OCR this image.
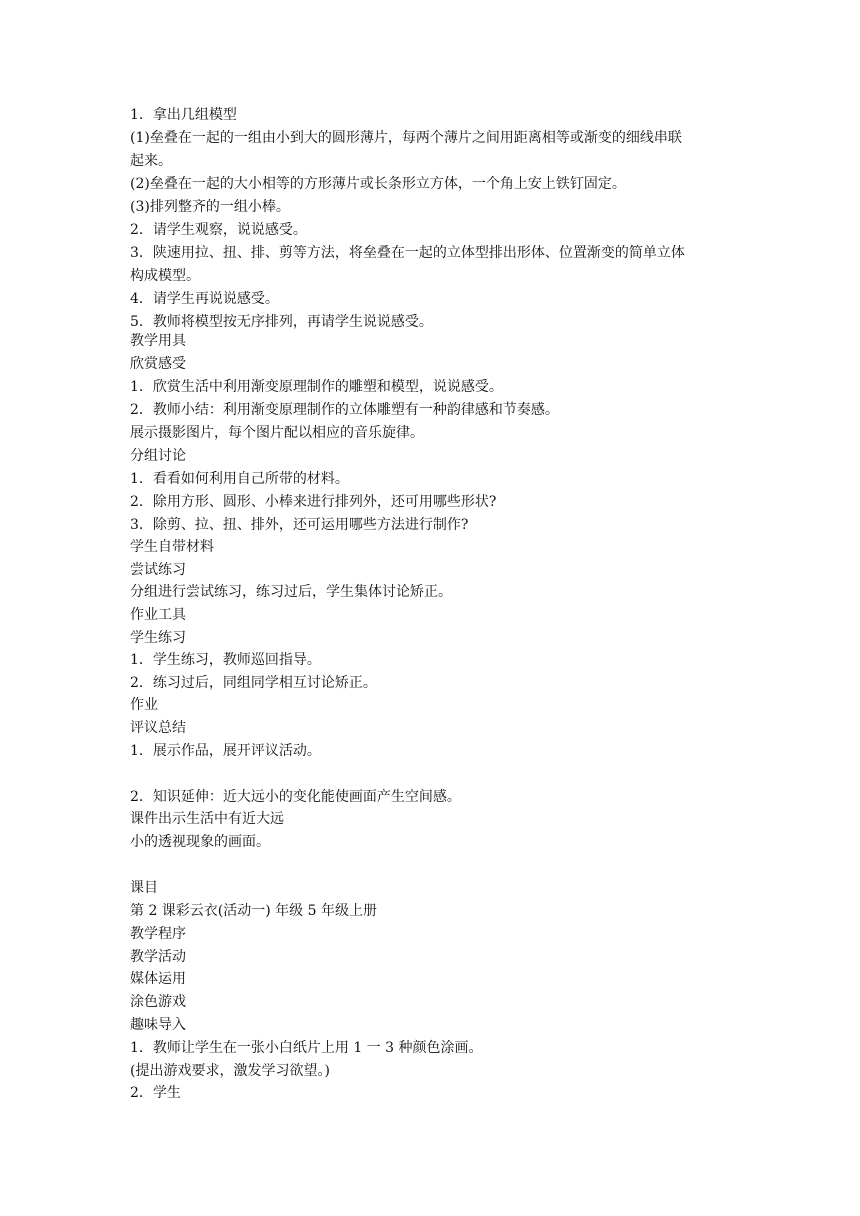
1．拿出几组模型
(1)垒叠在一起的一组由小到大的圆形薄片，每两个薄片之间用距离相等或渐变的细线串联
起来。
(2)垒叠在一起的大小相等的方形薄片或长条形立方体，一个角上安上铁钉固定。
(3)排列整齐的一组小棒。
2．请学生观察，说说感受。
3．陕速用拉、扭、排、剪等方法，将垒叠在一起的立体型排出形体、位置渐变的简单立体
构成模型。
4．请学生再说说感受。
5．教师将模型按无序排列，再请学生说说感受。
教学用具
欣赏感受
1．欣赏生活中利用渐变原理制作的雕塑和模型，说说感受。
2．教师小结：利用渐变原理制作的立体雕塑有一种韵律感和节奏感。
展示摄影图片，每个图片配以相应的音乐旋律。
分组讨论
1．看看如何利用自己所带的材料。
2．除用方形、圆形、小棒来进行排列外，还可用哪些形状?
3．除剪、拉、扭、排外，还可运用哪些方法进行制作?
学生自带材料
尝试练习
分组进行尝试练习，练习过后，学生集体讨论矫正。
作业工具
学生练习
1．学生练习，教师巡回指导。
2．练习过后，同组同学相互讨论矫正。
作业
评议总结
1．展示作品，展开评议活动。
2．知识延伸：近大远小的变化能使画面产生空间感。
课件出示生活中有近大远
小的透视现象的画面。
课目
第 2 课彩云衣(活动一) 年级 5 年级上册
教学程序
教学活动
媒体运用
涂色游戏
趣味导入
1．教师让学生在一张小白纸片上用 1 一 3 种颜色涂画。
(提出游戏要求，激发学习欲望。)
2．学生
